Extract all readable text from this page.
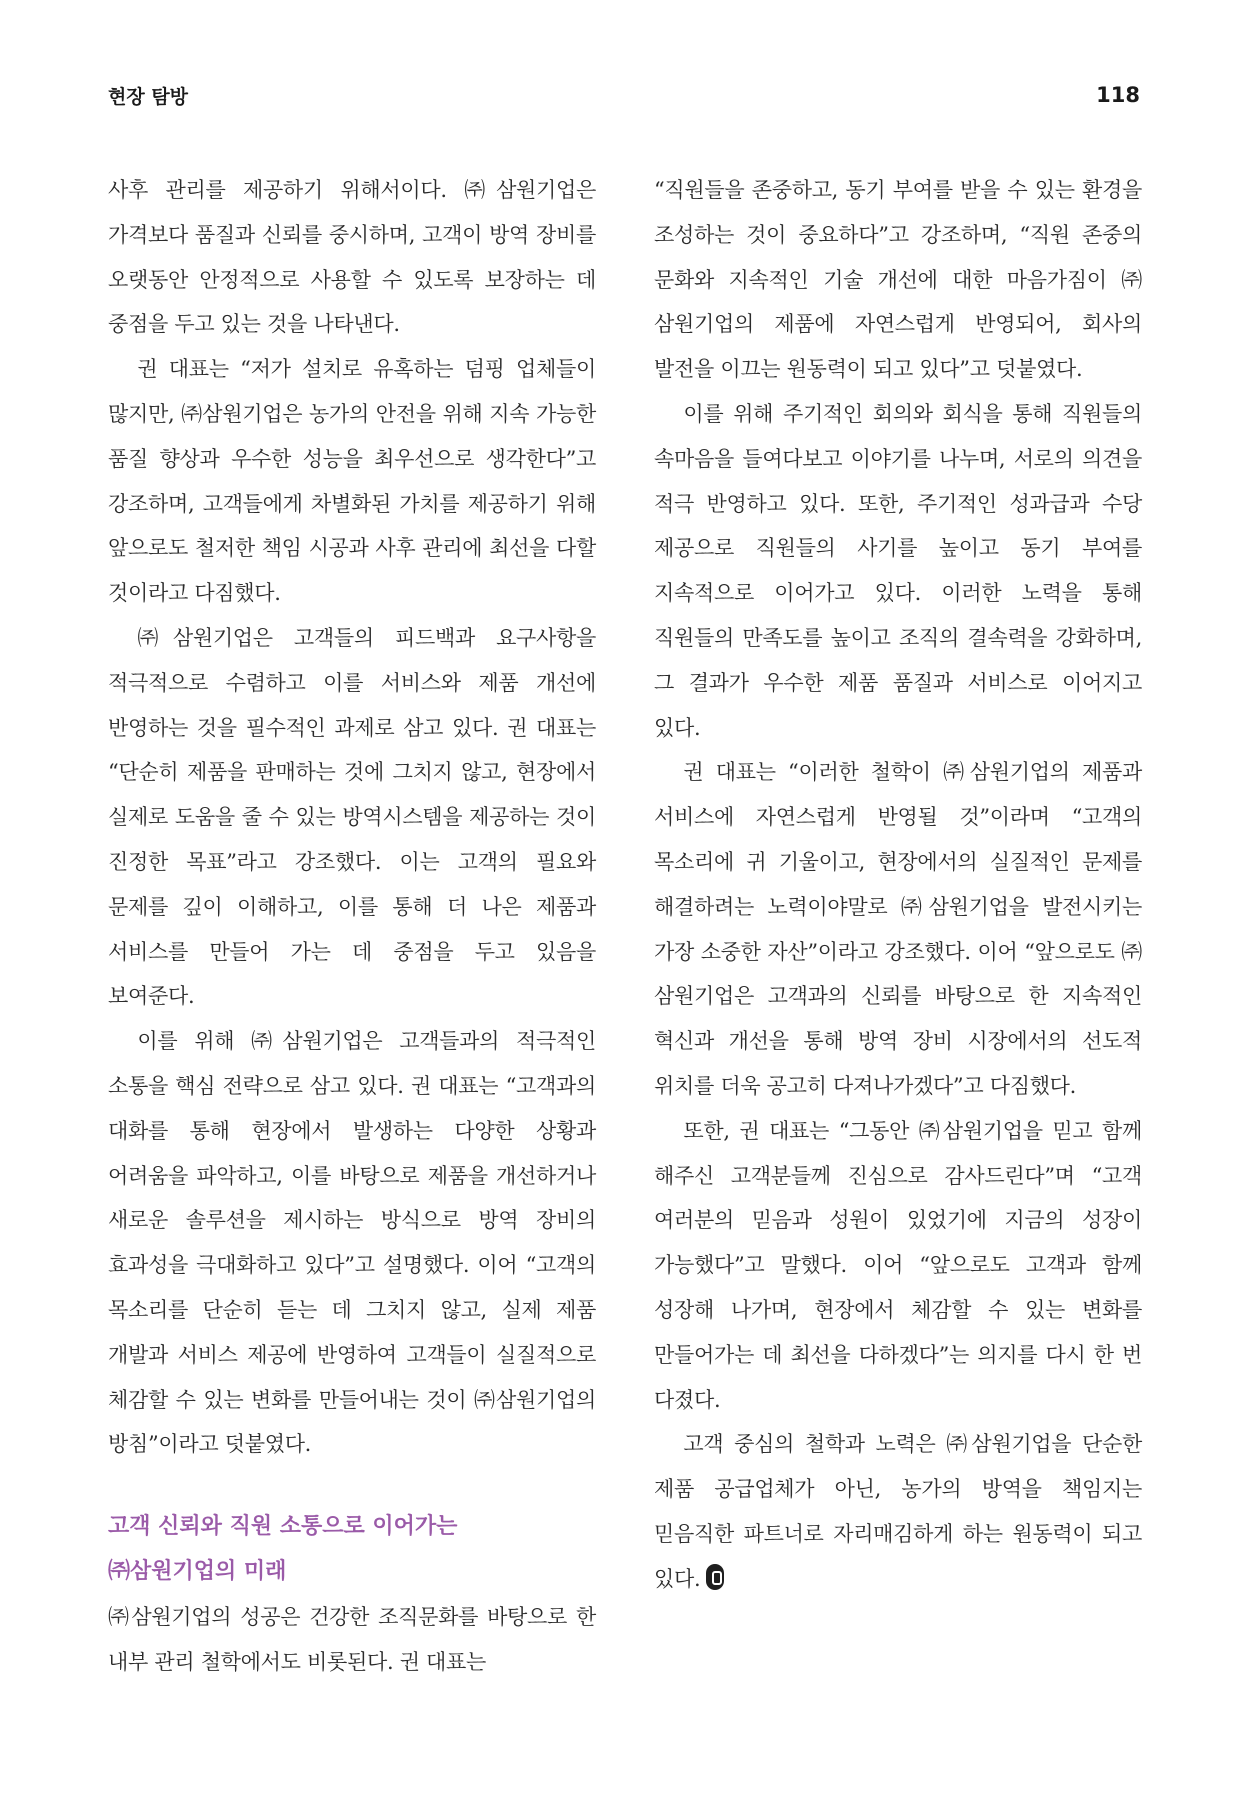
현장 탐방	118

사후 관리를 제공하기 위해서이다. ㈜삼원기업은 가격보다 품질과 신뢰를 중시하며, 고객이 방역 장비를 오랫동안 안정적으로 사용할 수 있도록 보장하는 데 중점을 두고 있는 것을 나타낸다.

권 대표는 “저가 설치로 유혹하는 덤핑 업체들이 많지만, ㈜삼원기업은 농가의 안전을 위해 지속 가능한 품질 향상과 우수한 성능을 최우선으로 생각한다”고 강조하며, 고객들에게 차별화된 가치를 제공하기 위해 앞으로도 철저한 책임 시공과 사후 관리에 최선을 다할 것이라고 다짐했다.

㈜삼원기업은 고객들의 피드백과 요구사항을 적극적으로 수렴하고 이를 서비스와 제품 개선에 반영하는 것을 필수적인 과제로 삼고 있다. 권 대표는 “단순히 제품을 판매하는 것에 그치지 않고, 현장에서 실제로 도움을 줄 수 있는 방역시스템을 제공하는 것이 진정한 목표”라고 강조했다. 이는 고객의 필요와 문제를 깊이 이해하고, 이를 통해 더 나은 제품과 서비스를 만들어 가는 데 중점을 두고 있음을 보여준다.

이를 위해 ㈜삼원기업은 고객들과의 적극적인 소통을 핵심 전략으로 삼고 있다. 권 대표는 “고객과의 대화를 통해 현장에서 발생하는 다양한 상황과 어려움을 파악하고, 이를 바탕으로 제품을 개선하거나 새로운 솔루션을 제시하는 방식으로 방역 장비의 효과성을 극대화하고 있다”고 설명했다. 이어 “고객의 목소리를 단순히 듣는 데 그치지 않고, 실제 제품 개발과 서비스 제공에 반영하여 고객들이 실질적으로 체감할 수 있는 변화를 만들어내는 것이 ㈜삼원기업의 방침”이라고 덧붙였다.

고객 신뢰와 직원 소통으로 이어가는
㈜삼원기업의 미래

㈜삼원기업의 성공은 건강한 조직문화를 바탕으로 한 내부 관리 철학에서도 비롯된다. 권 대표는

“직원들을 존중하고, 동기 부여를 받을 수 있는 환경을 조성하는 것이 중요하다”고 강조하며, “직원 존중의 문화와 지속적인 기술 개선에 대한 마음가짐이 ㈜삼원기업의 제품에 자연스럽게 반영되어, 회사의 발전을 이끄는 원동력이 되고 있다”고 덧붙였다.

이를 위해 주기적인 회의와 회식을 통해 직원들의 속마음을 들여다보고 이야기를 나누며, 서로의 의견을 적극 반영하고 있다. 또한, 주기적인 성과급과 수당 제공으로 직원들의 사기를 높이고 동기 부여를 지속적으로 이어가고 있다. 이러한 노력을 통해 직원들의 만족도를 높이고 조직의 결속력을 강화하며, 그 결과가 우수한 제품 품질과 서비스로 이어지고 있다.

권 대표는 “이러한 철학이 ㈜삼원기업의 제품과 서비스에 자연스럽게 반영될 것”이라며 “고객의 목소리에 귀 기울이고, 현장에서의 실질적인 문제를 해결하려는 노력이야말로 ㈜삼원기업을 발전시키는 가장 소중한 자산”이라고 강조했다. 이어 “앞으로도 ㈜삼원기업은 고객과의 신뢰를 바탕으로 한 지속적인 혁신과 개선을 통해 방역 장비 시장에서의 선도적 위치를 더욱 공고히 다져나가겠다”고 다짐했다.

또한, 권 대표는 “그동안 ㈜삼원기업을 믿고 함께 해주신 고객분들께 진심으로 감사드린다”며 “고객 여러분의 믿음과 성원이 있었기에 지금의 성장이 가능했다”고 말했다. 이어 “앞으로도 고객과 함께 성장해 나가며, 현장에서 체감할 수 있는 변화를 만들어가는 데 최선을 다하겠다”는 의지를 다시 한 번 다졌다.

고객 중심의 철학과 노력은 ㈜삼원기업을 단순한 제품 공급업체가 아닌, 농가의 방역을 책임지는 믿음직한 파트너로 자리매김하게 하는 원동력이 되고 있다.
